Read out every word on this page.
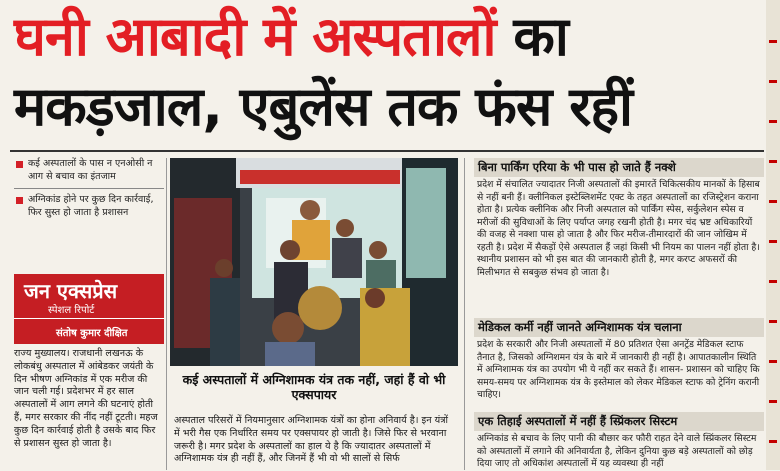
घनी आबादी में अस्पतालों का
मकड़जाल, एबुलेंस तक फंस रहीं
कई अस्पतालों के पास न एनओसी न आग से बचाव का इंतजाम
अग्निकांड होने पर कुछ दिन कार्रवाई, फिर सुस्त हो जाता है प्रशासन
जन एक्सप्रेस
स्पेशल रिपोर्ट
संतोष कुमार दीक्षित
राज्य मुख्यालय। राजधानी लखनऊ के लोकबंधु अस्पताल में आंबेडकर जयंती के दिन भीषण अग्निकांड में एक मरीज की जान चली गई। प्रदेशभर में हर साल अस्पतालों में आग लगने की घटनाएं होती हैं, मगर सरकार की नींद नहीं टूटती। महज कुछ दिन कार्रवाई होती है उसके बाद फिर से प्रशासन सुस्त हो जाता है।
कई अस्पतालों में अग्निशामक यंत्र तक नहीं, जहां हैं वो भी एक्सपायर
अस्पताल परिसरों में नियमानुसार अग्निशामक यंत्रों का होना अनिवार्य है। इन यंत्रों में भरी गैस एक निर्धारित समय पर एक्सपायर हो जाती है। जिसे फिर से भरवाना जरूरी है। मगर प्रदेश के अस्पतालों का हाल ये है कि ज्यादातर अस्पतालों में अग्निशामक यंत्र ही नहीं हैं, और जिनमें हैं भी वो भी सालों से सिर्फ
बिना पार्किंग एरिया के भी पास हो जाते हैं नक्शे
प्रदेश में संचालित ज्यादातर निजी अस्पतालों की इमारतें चिकित्सकीय मानकों के हिसाब से नहीं बनी हैं। क्लीनिकल इस्टेब्लिशमेंट एक्ट के तहत अस्पतालों का रजिस्ट्रेशन कराना होता है। प्रत्येक क्लीनिक और निजी अस्पताल को पार्किंग स्पेस, सर्कुलेशन स्पेस व मरीजों की सुविधाओं के लिए पर्याप्त जगह रखनी होती है। मगर चंद भ्रष्ट अधिकारियों की वजह से नक्शा पास हो जाता है और फिर मरीज-तीमारदारों की जान जोखिम में रहती है। प्रदेश में सैकड़ों ऐसे अस्पताल हैं जहां किसी भी नियम का पालन नहीं होता है। स्थानीय प्रशासन को भी इस बात की जानकारी होती है, मगर करप्ट अफसरों की मिलीभगत से सबकुछ संभव हो जाता है।
मेडिकल कर्मी नहीं जानते अग्निशामक यंत्र चलाना
प्रदेश के सरकारी और निजी अस्पतालों में 80 प्रतिशत ऐसा अनट्रेंड मेडिकल स्टाफ तैनात है, जिसको अग्निशमन यंत्र के बारे में जानकारी ही नहीं है। आपातकालीन स्थिति में अग्निशामक यंत्र का उपयोग भी ये नहीं कर सकते हैं। शासन- प्रशासन को चाहिए कि समय-समय पर अग्निशामक यंत्र के इस्तेमाल को लेकर मेडिकल स्टाफ को ट्रेनिंग करानी चाहिए।
एक तिहाई अस्पतालों में नहीं हैं स्प्रिंकलर सिस्टम
अग्निकांड से बचाव के लिए पानी की बौछार कर फौरी राहत देने वाले स्प्रिंकलर सिस्टम को अस्पतालों में लगाने की अनिवार्यता है, लेकिन दुनिया कुछ बड़े अस्पतालों को छोड़ दिया जाए तो अधिकांश अस्पतालों में यह व्यवस्था ही नहीं
